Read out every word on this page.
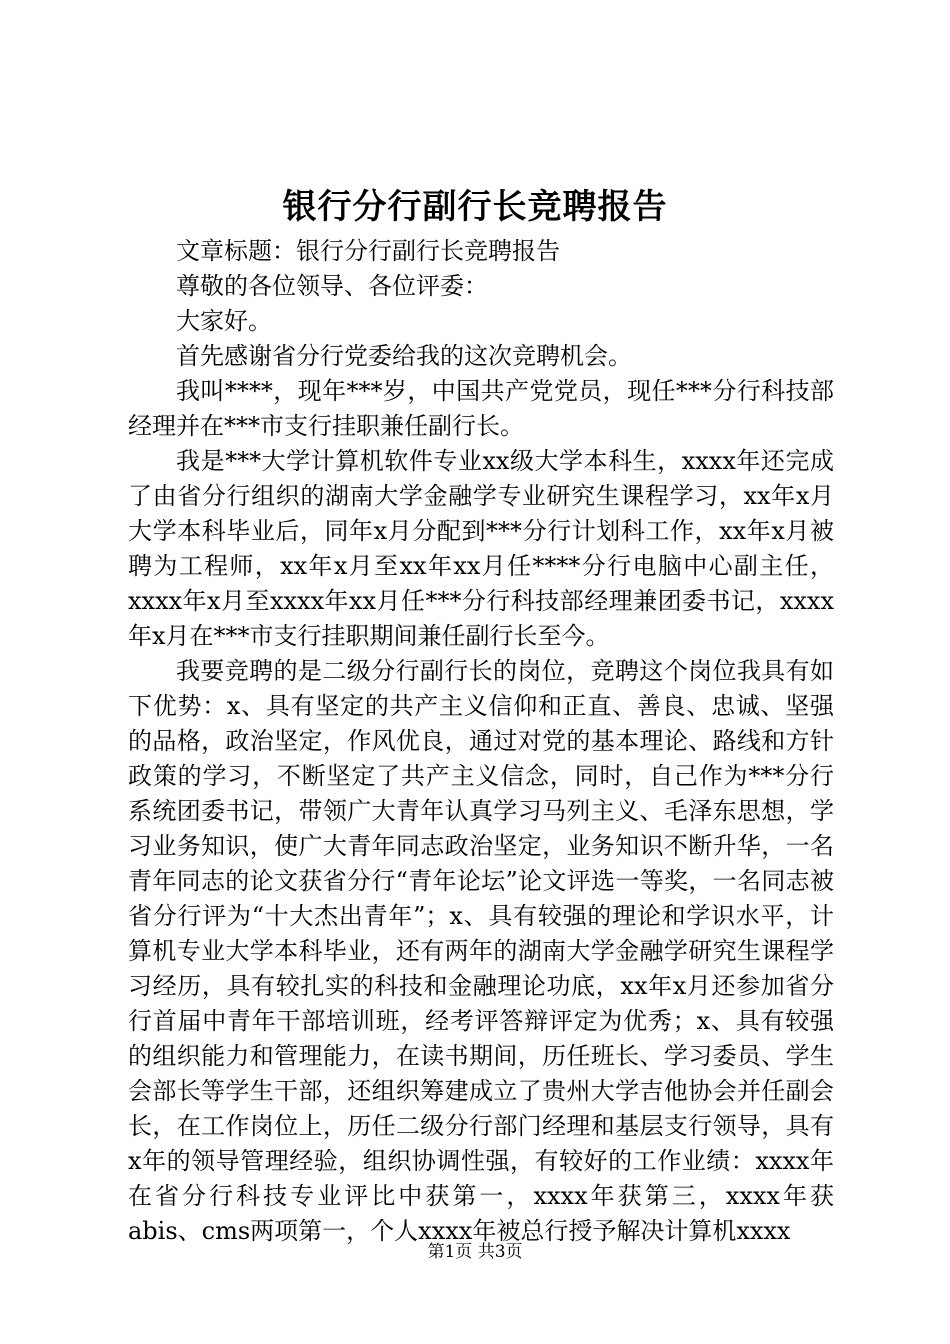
银行分行副行长竞聘报告

文章标题：银行分行副行长竞聘报告

尊敬的各位领导、各位评委：

大家好。

首先感谢省分行党委给我的这次竞聘机会。

我叫****，现年***岁，中国共产党党员，现任***分行科技部经理并在***市支行挂职兼任副行长。

我是***大学计算机软件专业xx级大学本科生，xxxx年还完成了由省分行组织的湖南大学金融学专业研究生课程学习，xx年x月大学本科毕业后，同年x月分配到***分行计划科工作，xx年x月被聘为工程师，xx年x月至xx年xx月任****分行电脑中心副主任，xxxx年x月至xxxx年xx月任***分行科技部经理兼团委书记，xxxx年x月在***市支行挂职期间兼任副行长至今。

我要竞聘的是二级分行副行长的岗位，竞聘这个岗位我具有如下优势：x、具有坚定的共产主义信仰和正直、善良、忠诚、坚强的品格，政治坚定，作风优良，通过对党的基本理论、路线和方针政策的学习，不断坚定了共产主义信念，同时，自己作为***分行系统团委书记，带领广大青年认真学习马列主义、毛泽东思想，学习业务知识，使广大青年同志政治坚定，业务知识不断升华，一名青年同志的论文获省分行“青年论坛”论文评选一等奖，一名同志被省分行评为“十大杰出青年”；x、具有较强的理论和学识水平，计算机专业大学本科毕业，还有两年的湖南大学金融学研究生课程学习经历，具有较扎实的科技和金融理论功底，xx年x月还参加省分行首届中青年干部培训班，经考评答辩评定为优秀；x、具有较强的组织能力和管理能力，在读书期间，历任班长、学习委员、学生会部长等学生干部，还组织筹建成立了贵州大学吉他协会并任副会长，在工作岗位上，历任二级分行部门经理和基层支行领导，具有x年的领导管理经验，组织协调性强，有较好的工作业绩：xxxx年在省分行科技专业评比中获第一，xxxx年获第三，xxxx年获abis、cms两项第一，个人xxxx年被总行授予解决计算机xxxx

第1页 共3页
